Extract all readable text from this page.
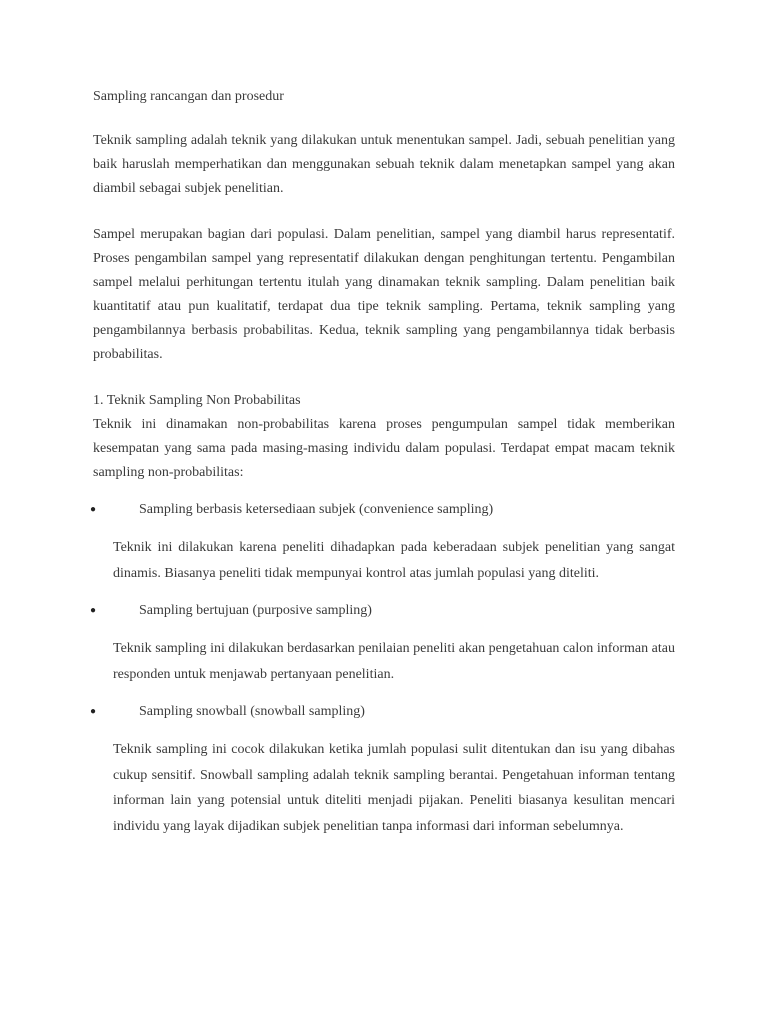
Sampling rancangan dan prosedur

Teknik sampling adalah teknik yang dilakukan untuk menentukan sampel. Jadi, sebuah penelitian yang baik haruslah memperhatikan dan menggunakan sebuah teknik dalam menetapkan sampel yang akan diambil sebagai subjek penelitian.

Sampel merupakan bagian dari populasi. Dalam penelitian, sampel yang diambil harus representatif. Proses pengambilan sampel yang representatif dilakukan dengan penghitungan tertentu. Pengambilan sampel melalui perhitungan tertentu itulah yang dinamakan teknik sampling. Dalam penelitian baik kuantitatif atau pun kualitatif, terdapat dua tipe teknik sampling. Pertama, teknik sampling yang pengambilannya berbasis probabilitas. Kedua, teknik sampling yang pengambilannya tidak berbasis probabilitas.

1. Teknik Sampling Non Probabilitas

Teknik ini dinamakan non-probabilitas karena proses pengumpulan sampel tidak memberikan kesempatan yang sama pada masing-masing individu dalam populasi. Terdapat empat macam teknik sampling non-probabilitas:

●	Sampling berbasis ketersediaan subjek (convenience sampling)

Teknik ini dilakukan karena peneliti dihadapkan pada keberadaan subjek penelitian yang sangat dinamis. Biasanya peneliti tidak mempunyai kontrol atas jumlah populasi yang diteliti.

●	Sampling bertujuan (purposive sampling)

Teknik sampling ini dilakukan berdasarkan penilaian peneliti akan pengetahuan calon informan atau responden untuk menjawab pertanyaan penelitian.

●	Sampling snowball (snowball sampling)

Teknik sampling ini cocok dilakukan ketika jumlah populasi sulit ditentukan dan isu yang dibahas cukup sensitif. Snowball sampling adalah teknik sampling berantai. Pengetahuan informan tentang informan lain yang potensial untuk diteliti menjadi pijakan. Peneliti biasanya kesulitan mencari individu yang layak dijadikan subjek penelitian tanpa informasi dari informan sebelumnya.
